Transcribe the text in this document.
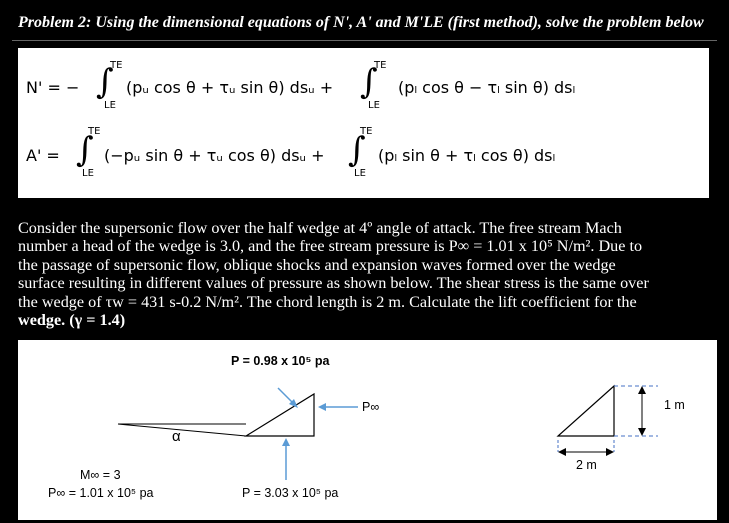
Problem 2: Using the dimensional equations of N', A' and M'LE (first method), solve the problem below
N' = − ∫
TE
LE
(pᵤ cos θ + τᵤ sin θ) dsᵤ + ∫
TE
LE
(pₗ cos θ − τₗ sin θ) dsₗ
A' = ∫
TE
LE
(−pᵤ sin θ + τᵤ cos θ) dsᵤ + ∫
TE
LE
(pₗ sin θ + τₗ cos θ) dsₗ
Consider the supersonic flow over the half wedge at 4º angle of attack. The free stream Mach
number a head of the wedge is 3.0, and the free stream pressure is P∞ = 1.01 x 10⁵ N/m². Due to
the passage of supersonic flow, oblique shocks and expansion waves formed over the wedge
surface resulting in different values of pressure as shown below. The shear stress is the same over
the wedge of τw = 431 s-0.2 N/m². The chord length is 2 m. Calculate the lift coefficient for the
wedge. (γ = 1.4)
P = 0.98 x 10⁵ pa
P∞
α
M∞ = 3
P∞ = 1.01 x 10⁵ pa	P = 3.03 x 10⁵ pa
2 m
1 m
